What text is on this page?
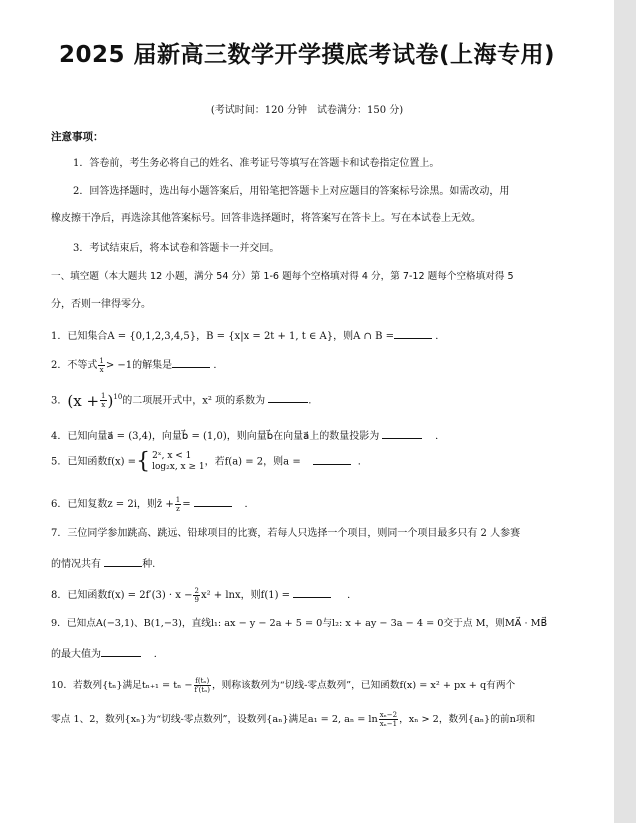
2025 届新高三数学开学摸底考试卷(上海专用)
(考试时间：120 分钟　试卷满分：150 分)
注意事项：
1．答卷前，考生务必将自己的姓名、准考证号等填写在答题卡和试卷指定位置上。
2．回答选择题时，选出每小题答案后，用铅笔把答题卡上对应题目的答案标号涂黑。如需改动，用
橡皮擦干净后，再选涂其他答案标号。回答非选择题时，将答案写在答卡上。写在本试卷上无效。
3．考试结束后，将本试卷和答题卡一并交回。
一、填空题（本大题共 12 小题，满分 54 分）第 1-6 题每个空格填对得 4 分，第 7-12 题每个空格填对得 5
分，否则一律得零分。
1．已知集合A = {0,1,2,3,4,5}，B = {x|x = 2t + 1, t ∈ A}，则A ∩ B =	．
2．不等式 $\frac{1}{x} > -1$的解集是	．
3．$(x + \frac{1}{x} )^{10}$的二项展开式中，x² 项的系数为	.
4．已知向量a⃗ = (3,4)，向量b⃗ = (1,0)，则向量b⃗在向量a⃗上的数量投影为	．
5．已知函数f(x) ={ 2ˣ, x < 1
log₂x, x ≥ 1 ，若f(a) = 2，则a =	．
6．已知复数z = 2i，则z̄ + $\frac{1}{z}$ =	．
7．三位同学参加跳高、跳远、铅球项目的比赛，若每人只选择一个项目，则同一个项目最多只有 2 人参赛
的情况共有	种.
8．已知函数$f(x) = 2f'(3) \cdot x - \frac{2}{9} x^2 + \ln x$，则f(1) =	．
9．已知点A(−3,1)、B(1,−3)，直线l₁: ax − y − 2a + 5 = 0与l₂: x + ay − 3a − 4 = 0交于点 M，则MA⃗ · MB⃗
的最大值为	．
10．若数列{tₙ}满足$t_{n+1} = t_n - \frac{\text{f(tₙ)}}{\text{f′(tₙ)}}$ ，则称该数列为“切线-零点数列”，已知函数f(x) = x² + px + q有两个
零点 1、2，数列{xₙ}为“切线-零点数列”，设数列{aₙ}满足a₁ = 2, $a_n = \ln \frac{\text{xₙ−2}}{\text{xₙ−1}}$ ，xₙ > 2，数列{aₙ}的前n项和
